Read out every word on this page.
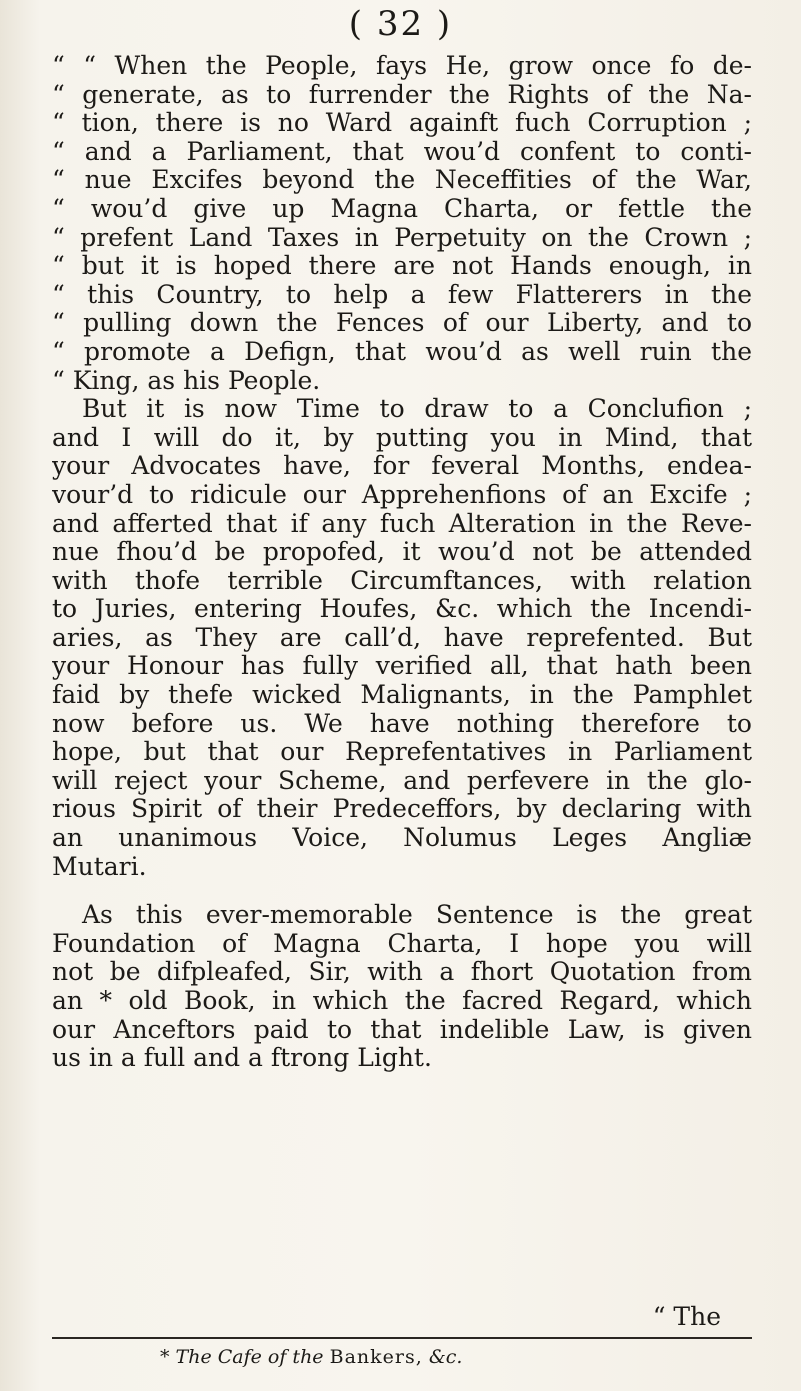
( 32 )
“ “ When the People, fays He, grow once fo de-
“ generate, as to furrender the Rights of the Na-
“ tion, there is no Ward againft fuch Corruption ;
“ and a Parliament, that wou’d confent to conti-
“ nue Excifes beyond the Neceffities of the War,
“ wou’d give up Magna Charta, or fettle the
“ prefent Land Taxes in Perpetuity on the Crown ;
“ but it is hoped there are not Hands enough, in
“ this Country, to help a few Flatterers in the
“ pulling down the Fences of our Liberty, and to
“ promote a Defign, that wou’d as well ruin the
“ King, as his People.
But it is now Time to draw to a Conclufion ;
and I will do it, by putting you in Mind, that
your Advocates have, for feveral Months, endea-
vour’d to ridicule our Apprehenfions of an Excife ;
and afferted that if any fuch Alteration in the Reve-
nue fhou’d be propofed, it wou’d not be attended
with thofe terrible Circumftances, with relation
to Juries, entering Houfes, &c. which the Incendi-
aries, as They are call’d, have reprefented. But
your Honour has fully verified all, that hath been
faid by thefe wicked Malignants, in the Pamphlet
now before us. We have nothing therefore to
hope, but that our Reprefentatives in Parliament
will reject your Scheme, and perfevere in the glo-
rious Spirit of their Predeceffors, by declaring with
an unanimous Voice, Nolumus Leges Angliæ
Mutari.
As this ever-memorable Sentence is the great
Foundation of Magna Charta, I hope you will
not be difpleafed, Sir, with a fhort Quotation from
an * old Book, in which the facred Regard, which
our Anceftors paid to that indelible Law, is given
us in a full and a ftrong Light.
“ The
* The Cafe of the Bankers, &c.
